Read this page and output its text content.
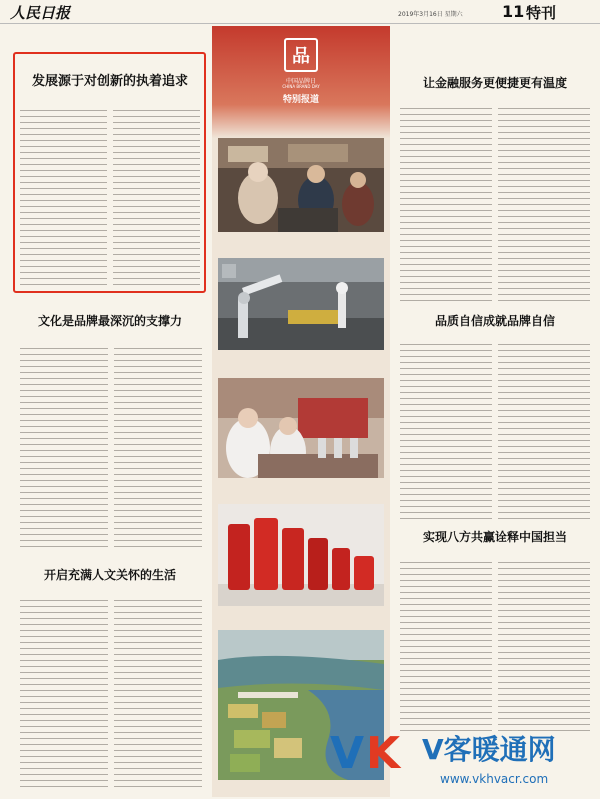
人民日报	2019年3月16日 星期六 11 特刊
发展源于对创新的执着追求
文化是品牌最深沉的支撑力
开启充满人文关怀的生活
品
中国品牌日
CHINA BRAND DAY
特别报道
让金融服务更便捷更有温度
品质自信成就品牌自信
实现八方共赢诠释中国担当
V K V客暖通网
www.vkhvacr.com
